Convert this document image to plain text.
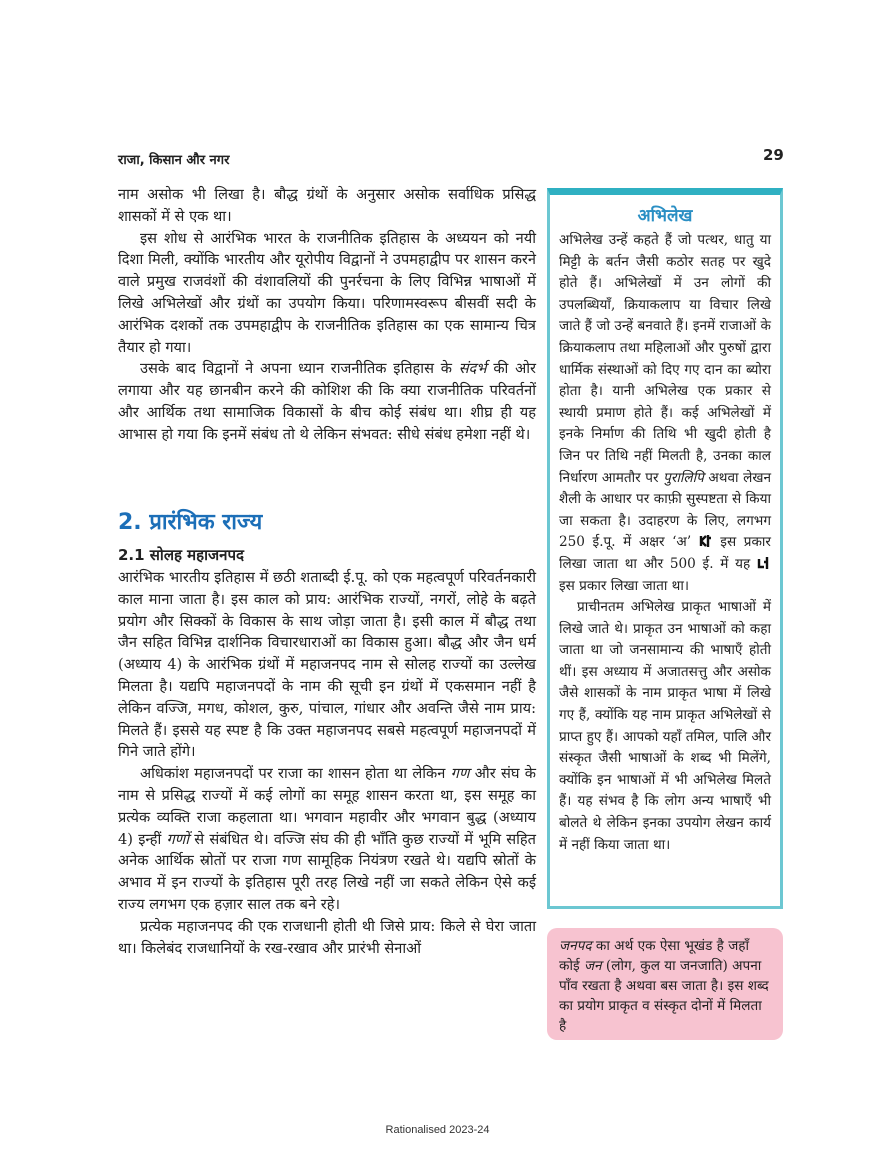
राजा, किसान और नगर	29

नाम असोक भी लिखा है। बौद्ध ग्रंथों के अनुसार असोक सर्वाधिक प्रसिद्ध शासकों में से एक था।

इस शोध से आरंभिक भारत के राजनीतिक इतिहास के अध्ययन को नयी दिशा मिली, क्योंकि भारतीय और यूरोपीय विद्वानों ने उपमहाद्वीप पर शासन करने वाले प्रमुख राजवंशों की वंशावलियों की पुनर्रचना के लिए विभिन्न भाषाओं में लिखे अभिलेखों और ग्रंथों का उपयोग किया। परिणामस्वरूप बीसवीं सदी के आरंभिक दशकों तक उपमहाद्वीप के राजनीतिक इतिहास का एक सामान्य चित्र तैयार हो गया।

उसके बाद विद्वानों ने अपना ध्यान राजनीतिक इतिहास के संदर्भ की ओर लगाया और यह छानबीन करने की कोशिश की कि क्या राजनीतिक परिवर्तनों और आर्थिक तथा सामाजिक विकासों के बीच कोई संबंध था। शीघ्र ही यह आभास हो गया कि इनमें संबंध तो थे लेकिन संभवत: सीधे संबंध हमेशा नहीं थे।

2. प्रारंभिक राज्य
2.1 सोलह महाजनपद

आरंभिक भारतीय इतिहास में छठी शताब्दी ई.पू. को एक महत्वपूर्ण परिवर्तनकारी काल माना जाता है। इस काल को प्राय: आरंभिक राज्यों, नगरों, लोहे के बढ़ते प्रयोग और सिक्कों के विकास के साथ जोड़ा जाता है। इसी काल में बौद्ध तथा जैन सहित विभिन्न दार्शनिक विचारधाराओं का विकास हुआ। बौद्ध और जैन धर्म (अध्याय 4) के आरंभिक ग्रंथों में महाजनपद नाम से सोलह राज्यों का उल्लेख मिलता है। यद्यपि महाजनपदों के नाम की सूची इन ग्रंथों में एकसमान नहीं है लेकिन वज्जि, मगध, कोशल, कुरु, पांचाल, गांधार और अवन्ति जैसे नाम प्राय: मिलते हैं। इससे यह स्पष्ट है कि उक्त महाजनपद सबसे महत्वपूर्ण महाजनपदों में गिने जाते होंगे।

अधिकांश महाजनपदों पर राजा का शासन होता था लेकिन गण और संघ के नाम से प्रसिद्ध राज्यों में कई लोगों का समूह शासन करता था, इस समूह का प्रत्येक व्यक्ति राजा कहलाता था। भगवान महावीर और भगवान बुद्ध (अध्याय 4) इन्हीं गणों से संबंधित थे। वज्जि संघ की ही भाँति कुछ राज्यों में भूमि सहित अनेक आर्थिक स्रोतों पर राजा गण सामूहिक नियंत्रण रखते थे। यद्यपि स्रोतों के अभाव में इन राज्यों के इतिहास पूरी तरह लिखे नहीं जा सकते लेकिन ऐसे कई राज्य लगभग एक हज़ार साल तक बने रहे।

प्रत्येक महाजनपद की एक राजधानी होती थी जिसे प्राय: किले से घेरा जाता था। किलेबंद राजधानियों के रख-रखाव और प्रारंभी सेनाओं

अभिलेख

अभिलेख उन्हें कहते हैं जो पत्थर, धातु या मिट्टी के बर्तन जैसी कठोर सतह पर खुदे होते हैं। अभिलेखों में उन लोगों की उपलब्धियाँ, क्रियाकलाप या विचार लिखे जाते हैं जो उन्हें बनवाते हैं। इनमें राजाओं के क्रियाकलाप तथा महिलाओं और पुरुषों द्वारा धार्मिक संस्थाओं को दिए गए दान का ब्योरा होता है। यानी अभिलेख एक प्रकार से स्थायी प्रमाण होते हैं। कई अभिलेखों में इनके निर्माण की तिथि भी खुदी होती है जिन पर तिथि नहीं मिलती है, उनका काल निर्धारण आमतौर पर पुरालिपि अथवा लेखन शैली के आधार पर काफ़ी सुस्पष्टता से किया जा सकता है। उदाहरण के लिए, लगभग 250 ई.पू. में अक्षर ‘अ’  इस प्रकार लिखा जाता था और 500 ई. में यह  इस प्रकार लिखा जाता था।

प्राचीनतम अभिलेख प्राकृत भाषाओं में लिखे जाते थे। प्राकृत उन भाषाओं को कहा जाता था जो जनसामान्य की भाषाएँ होती थीं। इस अध्याय में अजातसत्तु और असोक जैसे शासकों के नाम प्राकृत भाषा में लिखे गए हैं, क्योंकि यह नाम प्राकृत अभिलेखों से प्राप्त हुए हैं। आपको यहाँ तमिल, पालि और संस्कृत जैसी भाषाओं के शब्द भी मिलेंगे, क्योंकि इन भाषाओं में भी अभिलेख मिलते हैं। यह संभव है कि लोग अन्य भाषाएँ भी बोलते थे लेकिन इनका उपयोग लेखन कार्य में नहीं किया जाता था।

जनपद का अर्थ एक ऐसा भूखंड है जहाँ कोई जन (लोग, कुल या जनजाति) अपना पाँव रखता है अथवा बस जाता है। इस शब्द का प्रयोग प्राकृत व संस्कृत दोनों में मिलता है
Rationalised 2023-24
